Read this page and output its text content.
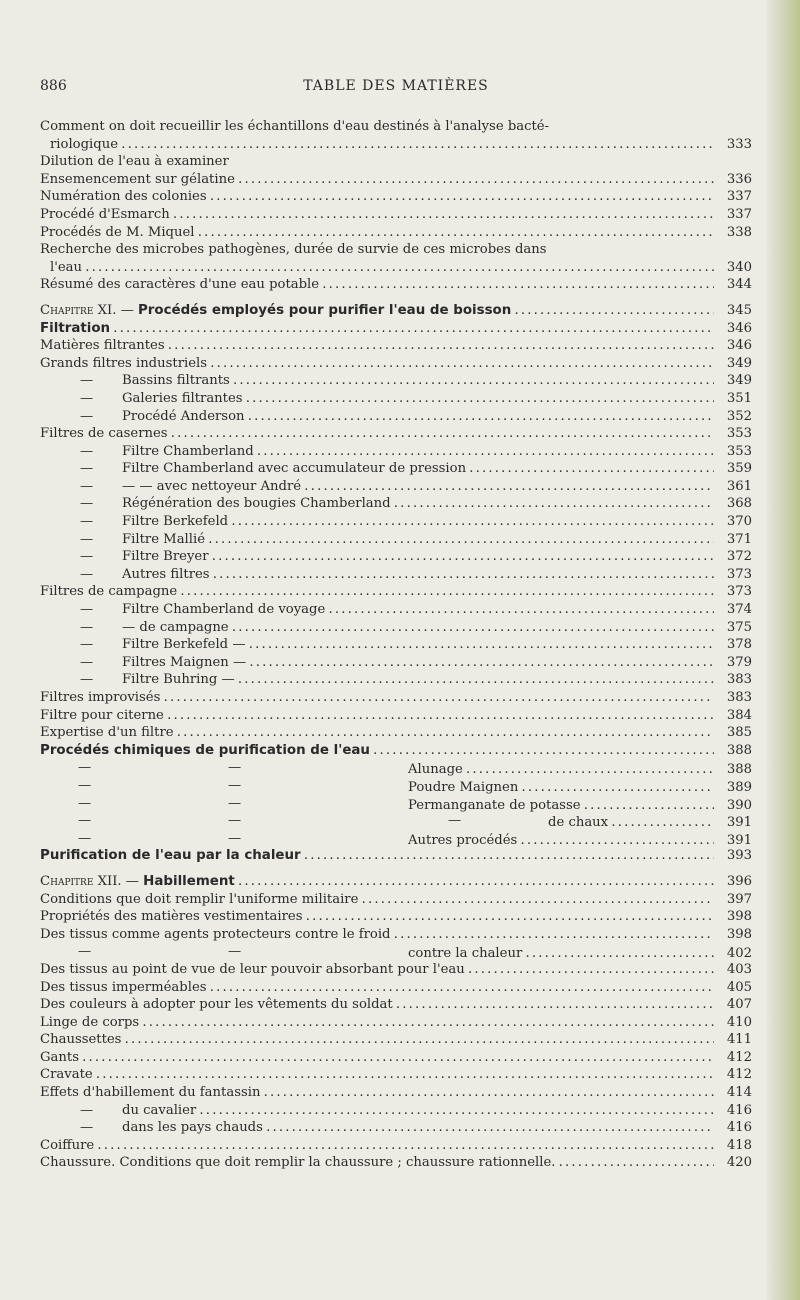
886	TABLE DES MATIÈRES
Comment on doit recueillir les échantillons d'eau destinés à l'analyse bacté-
riologique . . .	333
Dilution de l'eau à examiner
Ensemencement sur gélatine . . .	336
Numération des colonies . . .	337
Procédé d'Esmarch . . .	337
Procédés de M. Miquel . . .	338
Recherche des microbes pathogènes, durée de survie de ces microbes dans
l'eau . . .	340
Résumé des caractères d'une eau potable . . .	344
Chapitre XI. — Procédés employés pour purifier l'eau de boisson . . .	345
Filtration . . .	346
Matières filtrantes . . .	346
Grands filtres industriels . . .	349
— Bassins filtrants . . .	349
— Galeries filtrantes . . .	351
— Procédé Anderson . . .	352
Filtres de casernes . . .	353
— Filtre Chamberland . . .	353
— Filtre Chamberland avec accumulateur de pression . . .	359
— — — avec nettoyeur André . . .	361
— Régénération des bougies Chamberland . . .	368
— Filtre Berkefeld . . .	370
— Filtre Mallié . . .	371
— Filtre Breyer . . .	372
— Autres filtres . . .	373
Filtres de campagne . . .	373
— Filtre Chamberland de voyage . . .	374
— — de campagne . . .	375
— Filtre Berkefeld — . . .	378
— Filtres Maignen — . . .	379
— Filtre Buhring — . . .	383
Filtres improvisés . . .	383
Filtre pour citerne . . .	384
Expertise d'un filtre . . .	385
Procédés chimiques de purification de l'eau . . .	388
—	—	Alunage . . .	388
—	—	Poudre Maignen . . .	389
—	—	Permanganate de potasse . . .	390
—	—	—	de chaux . . .	391
—	—	Autres procédés . . .	391
Purification de l'eau par la chaleur . . .	393
Chapitre XII. — Habillement . . .	396
Conditions que doit remplir l'uniforme militaire . . .	397
Propriétés des matières vestimentaires . . .	398
Des tissus comme agents protecteurs contre le froid . . .	398
—	—	contre la chaleur . . .	402
Des tissus au point de vue de leur pouvoir absorbant pour l'eau . . .	403
Des tissus imperméables . . .	405
Des couleurs à adopter pour les vêtements du soldat . . .	407
Linge de corps . . .	410
Chaussettes . . .	411
Gants . . .	412
Cravate . . .	412
Effets d'habillement du fantassin . . .	414
— du cavalier . . .	416
— dans les pays chauds . . .	416
Coiffure . . .	418
Chaussure. Conditions que doit remplir la chaussure ; chaussure rationnelle. . . .	420
